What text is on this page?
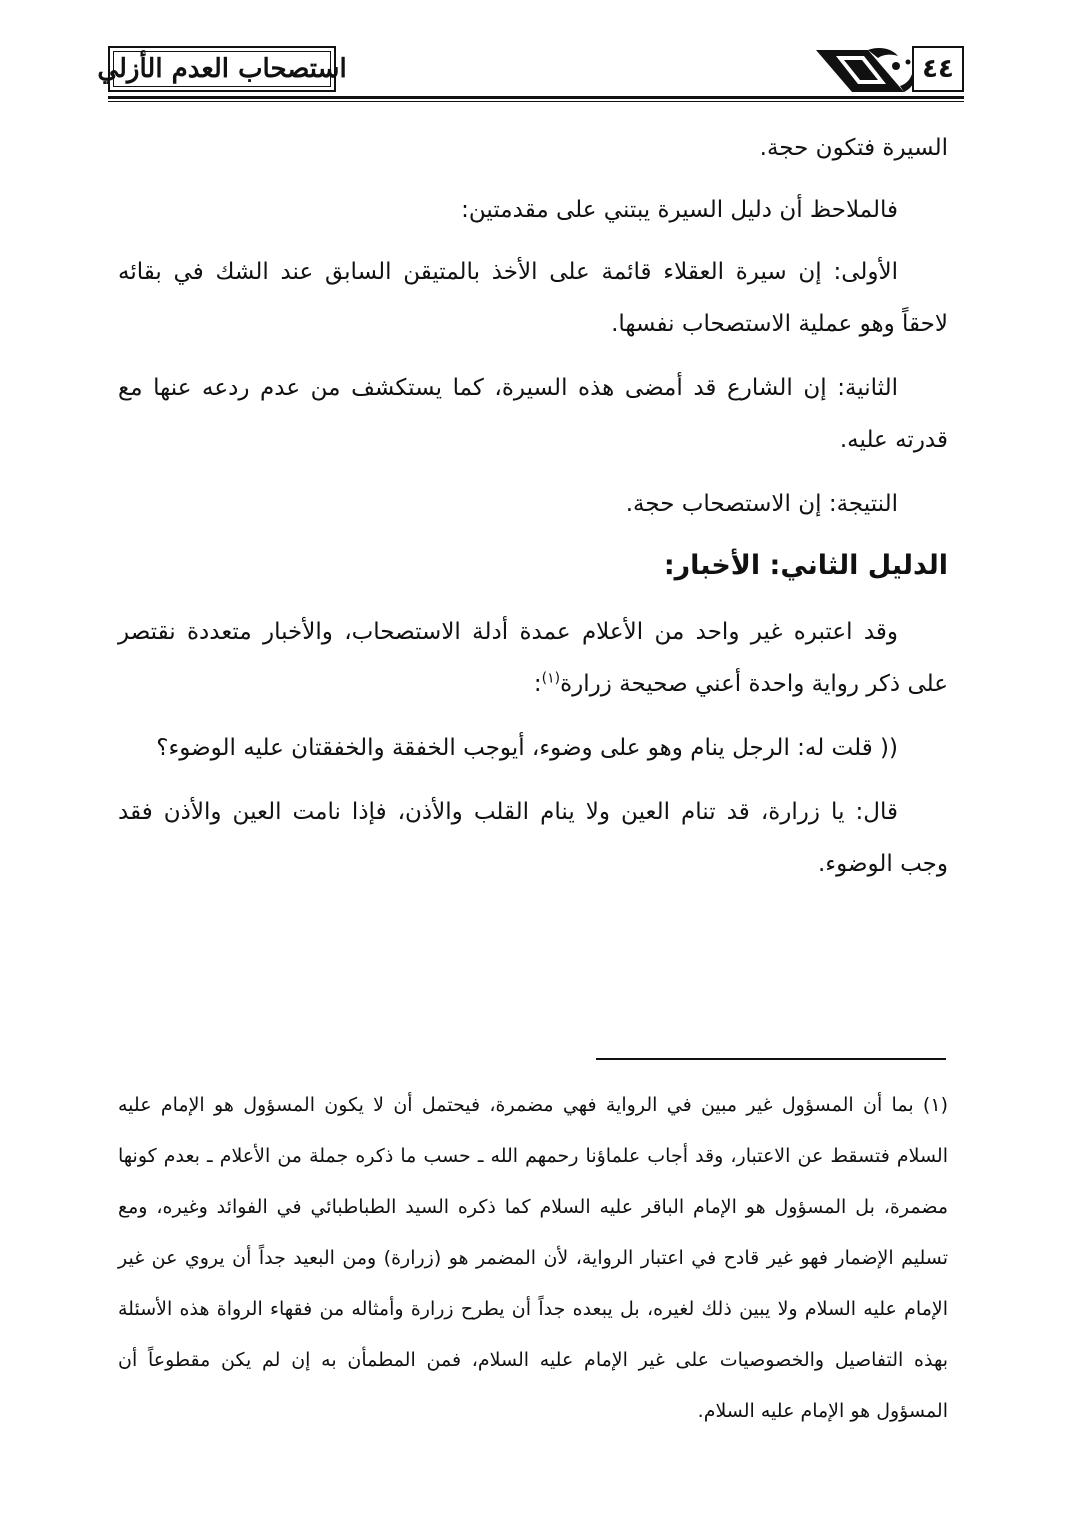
استصحاب العدم الأزلي	٤٤

السيرة فتكون حجة.

فالملاحظ أن دليل السيرة يبتني على مقدمتين:

الأولى: إن سيرة العقلاء قائمة على الأخذ بالمتيقن السابق عند الشك في بقائه لاحقاً وهو عملية الاستصحاب نفسها.

الثانية: إن الشارع قد أمضى هذه السيرة، كما يستكشف من عدم ردعه عنها مع قدرته عليه.

النتيجة: إن الاستصحاب حجة.

الدليل الثاني: الأخبار:

وقد اعتبره غير واحد من الأعلام عمدة أدلة الاستصحاب، والأخبار متعددة نقتصر على ذكر رواية واحدة أعني صحيحة زرارة$^{(١)}$:

(( قلت له: الرجل ينام وهو على وضوء، أيوجب الخفقة والخفقتان عليه الوضوء؟

قال: يا زرارة، قد تنام العين ولا ينام القلب والأذن، فإذا نامت العين والأذن فقد وجب الوضوء.

(١) بما أن المسؤول غير مبين في الرواية فهي مضمرة، فيحتمل أن لا يكون المسؤول هو الإمام عليه السلام فتسقط عن الاعتبار، وقد أجاب علماؤنا رحمهم الله ـ حسب ما ذكره جملة من الأعلام ـ بعدم كونها مضمرة، بل المسؤول هو الإمام الباقر عليه السلام كما ذكره السيد الطباطبائي في الفوائد وغيره، ومع تسليم الإضمار فهو غير قادح في اعتبار الرواية، لأن المضمر هو (زرارة) ومن البعيد جداً أن يروي عن غير الإمام عليه السلام ولا يبين ذلك لغيره، بل يبعده جداً أن يطرح زرارة وأمثاله من فقهاء الرواة هذه الأسئلة بهذه التفاصيل والخصوصيات على غير الإمام عليه السلام، فمن المطمأن به إن لم يكن مقطوعاً أن المسؤول هو الإمام عليه السلام.
